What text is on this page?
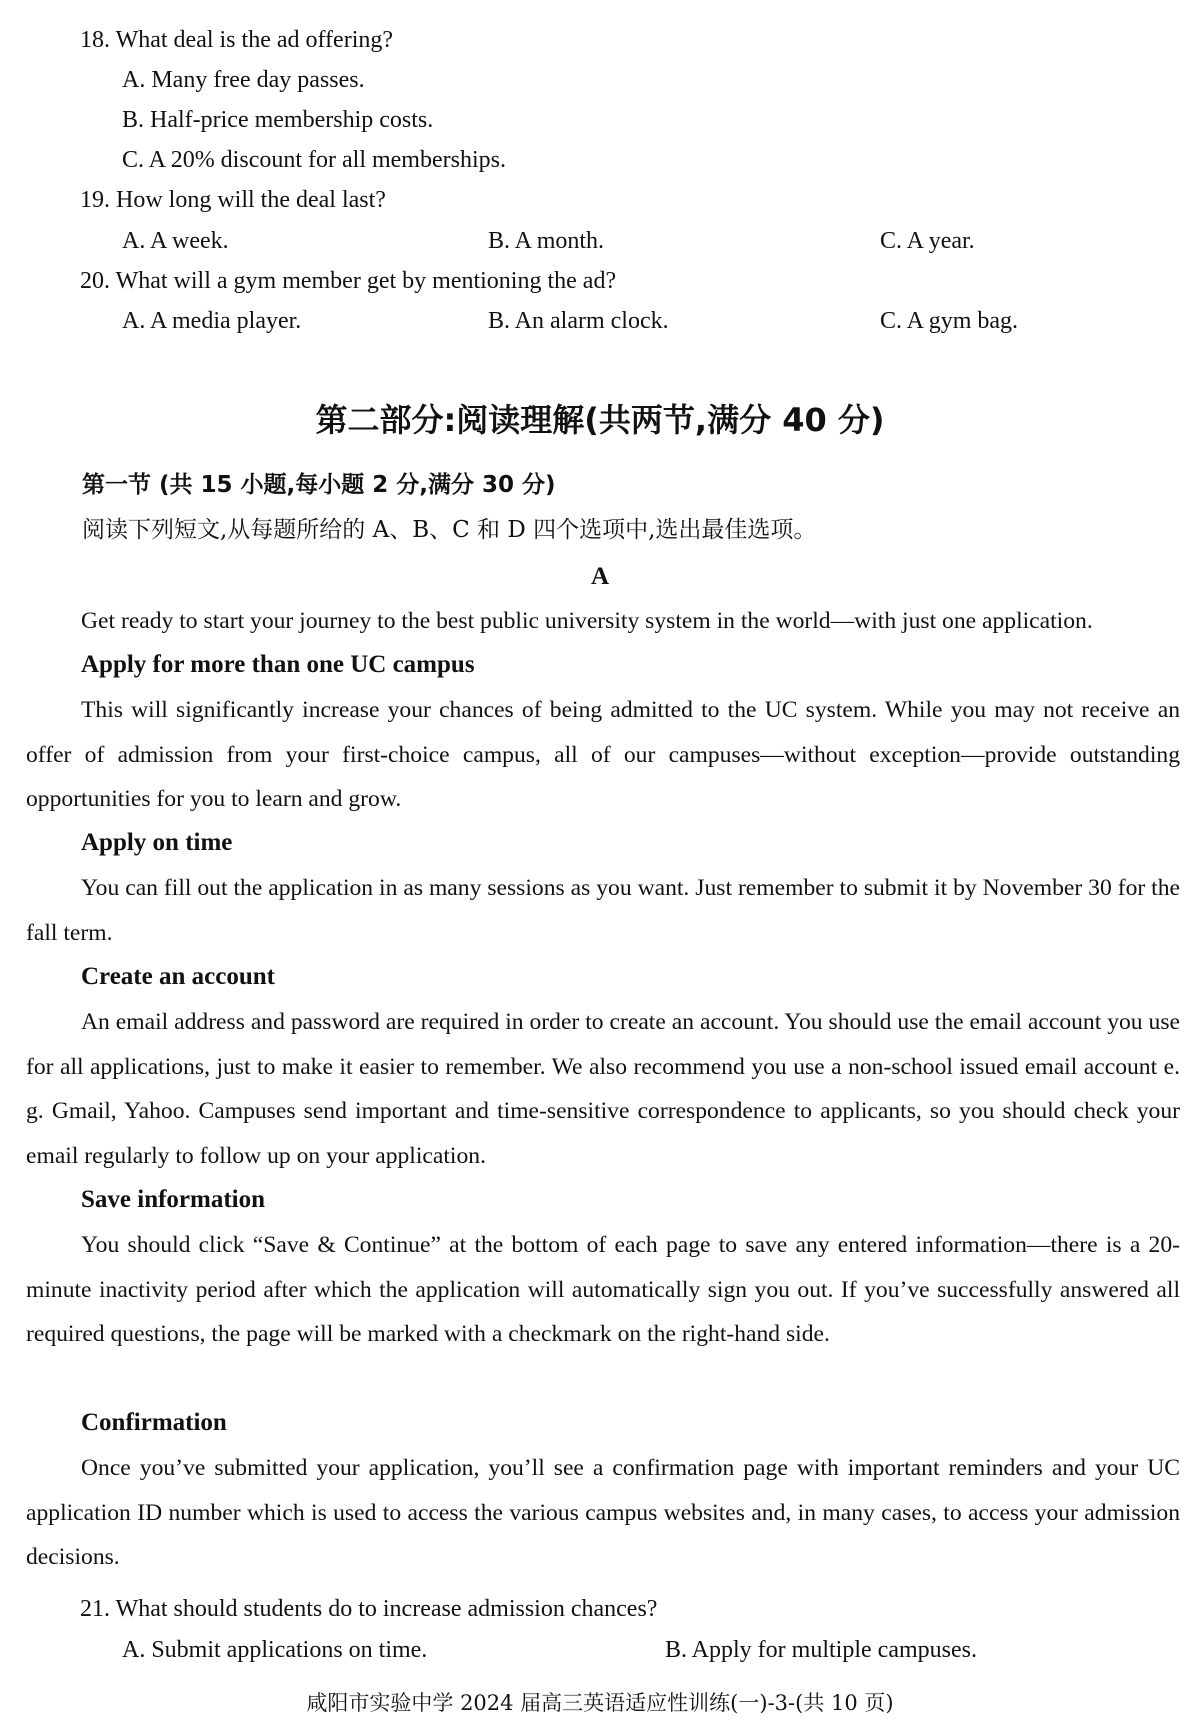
18. What deal is the ad offering?
A. Many free day passes.
B. Half-price membership costs.
C. A 20% discount for all memberships.
19. How long will the deal last?
A. A week.	B. A month.	C. A year.
20. What will a gym member get by mentioning the ad?
A. A media player.	B. An alarm clock.	C. A gym bag.
第二部分:阅读理解(共两节,满分 40 分)
第一节 (共 15 小题,每小题 2 分,满分 30 分)
阅读下列短文,从每题所给的 A、B、C 和 D 四个选项中,选出最佳选项。
A
Get ready to start your journey to the best public university system in the world—with just one application.
Apply for more than one UC campus

This will significantly increase your chances of being admitted to the UC system. While you may not receive an offer of admission from your first-choice campus, all of our campuses—without exception—provide outstanding opportunities for you to learn and grow.

Apply on time

You can fill out the application in as many sessions as you want. Just remember to submit it by November 30 for the fall term.

Create an account

An email address and password are required in order to create an account. You should use the email account you use for all applications, just to make it easier to remember. We also recommend you use a non-school issued email account e. g. Gmail, Yahoo. Campuses send important and time-sensitive correspondence to applicants, so you should check your email regularly to follow up on your application.

Save information

You should click “Save & Continue” at the bottom of each page to save any entered information—there is a 20-minute inactivity period after which the application will automatically sign you out. If you’ve successfully answered all required questions, the page will be marked with a checkmark on the right-hand side.

Confirmation

Once you’ve submitted your application, you’ll see a confirmation page with important reminders and your UC application ID number which is used to access the various campus websites and, in many cases, to access your admission decisions.

21. What should students do to increase admission chances?
A. Submit applications on time.	B. Apply for multiple campuses.
咸阳市实验中学 2024 届高三英语适应性训练(一)-3-(共 10 页)
